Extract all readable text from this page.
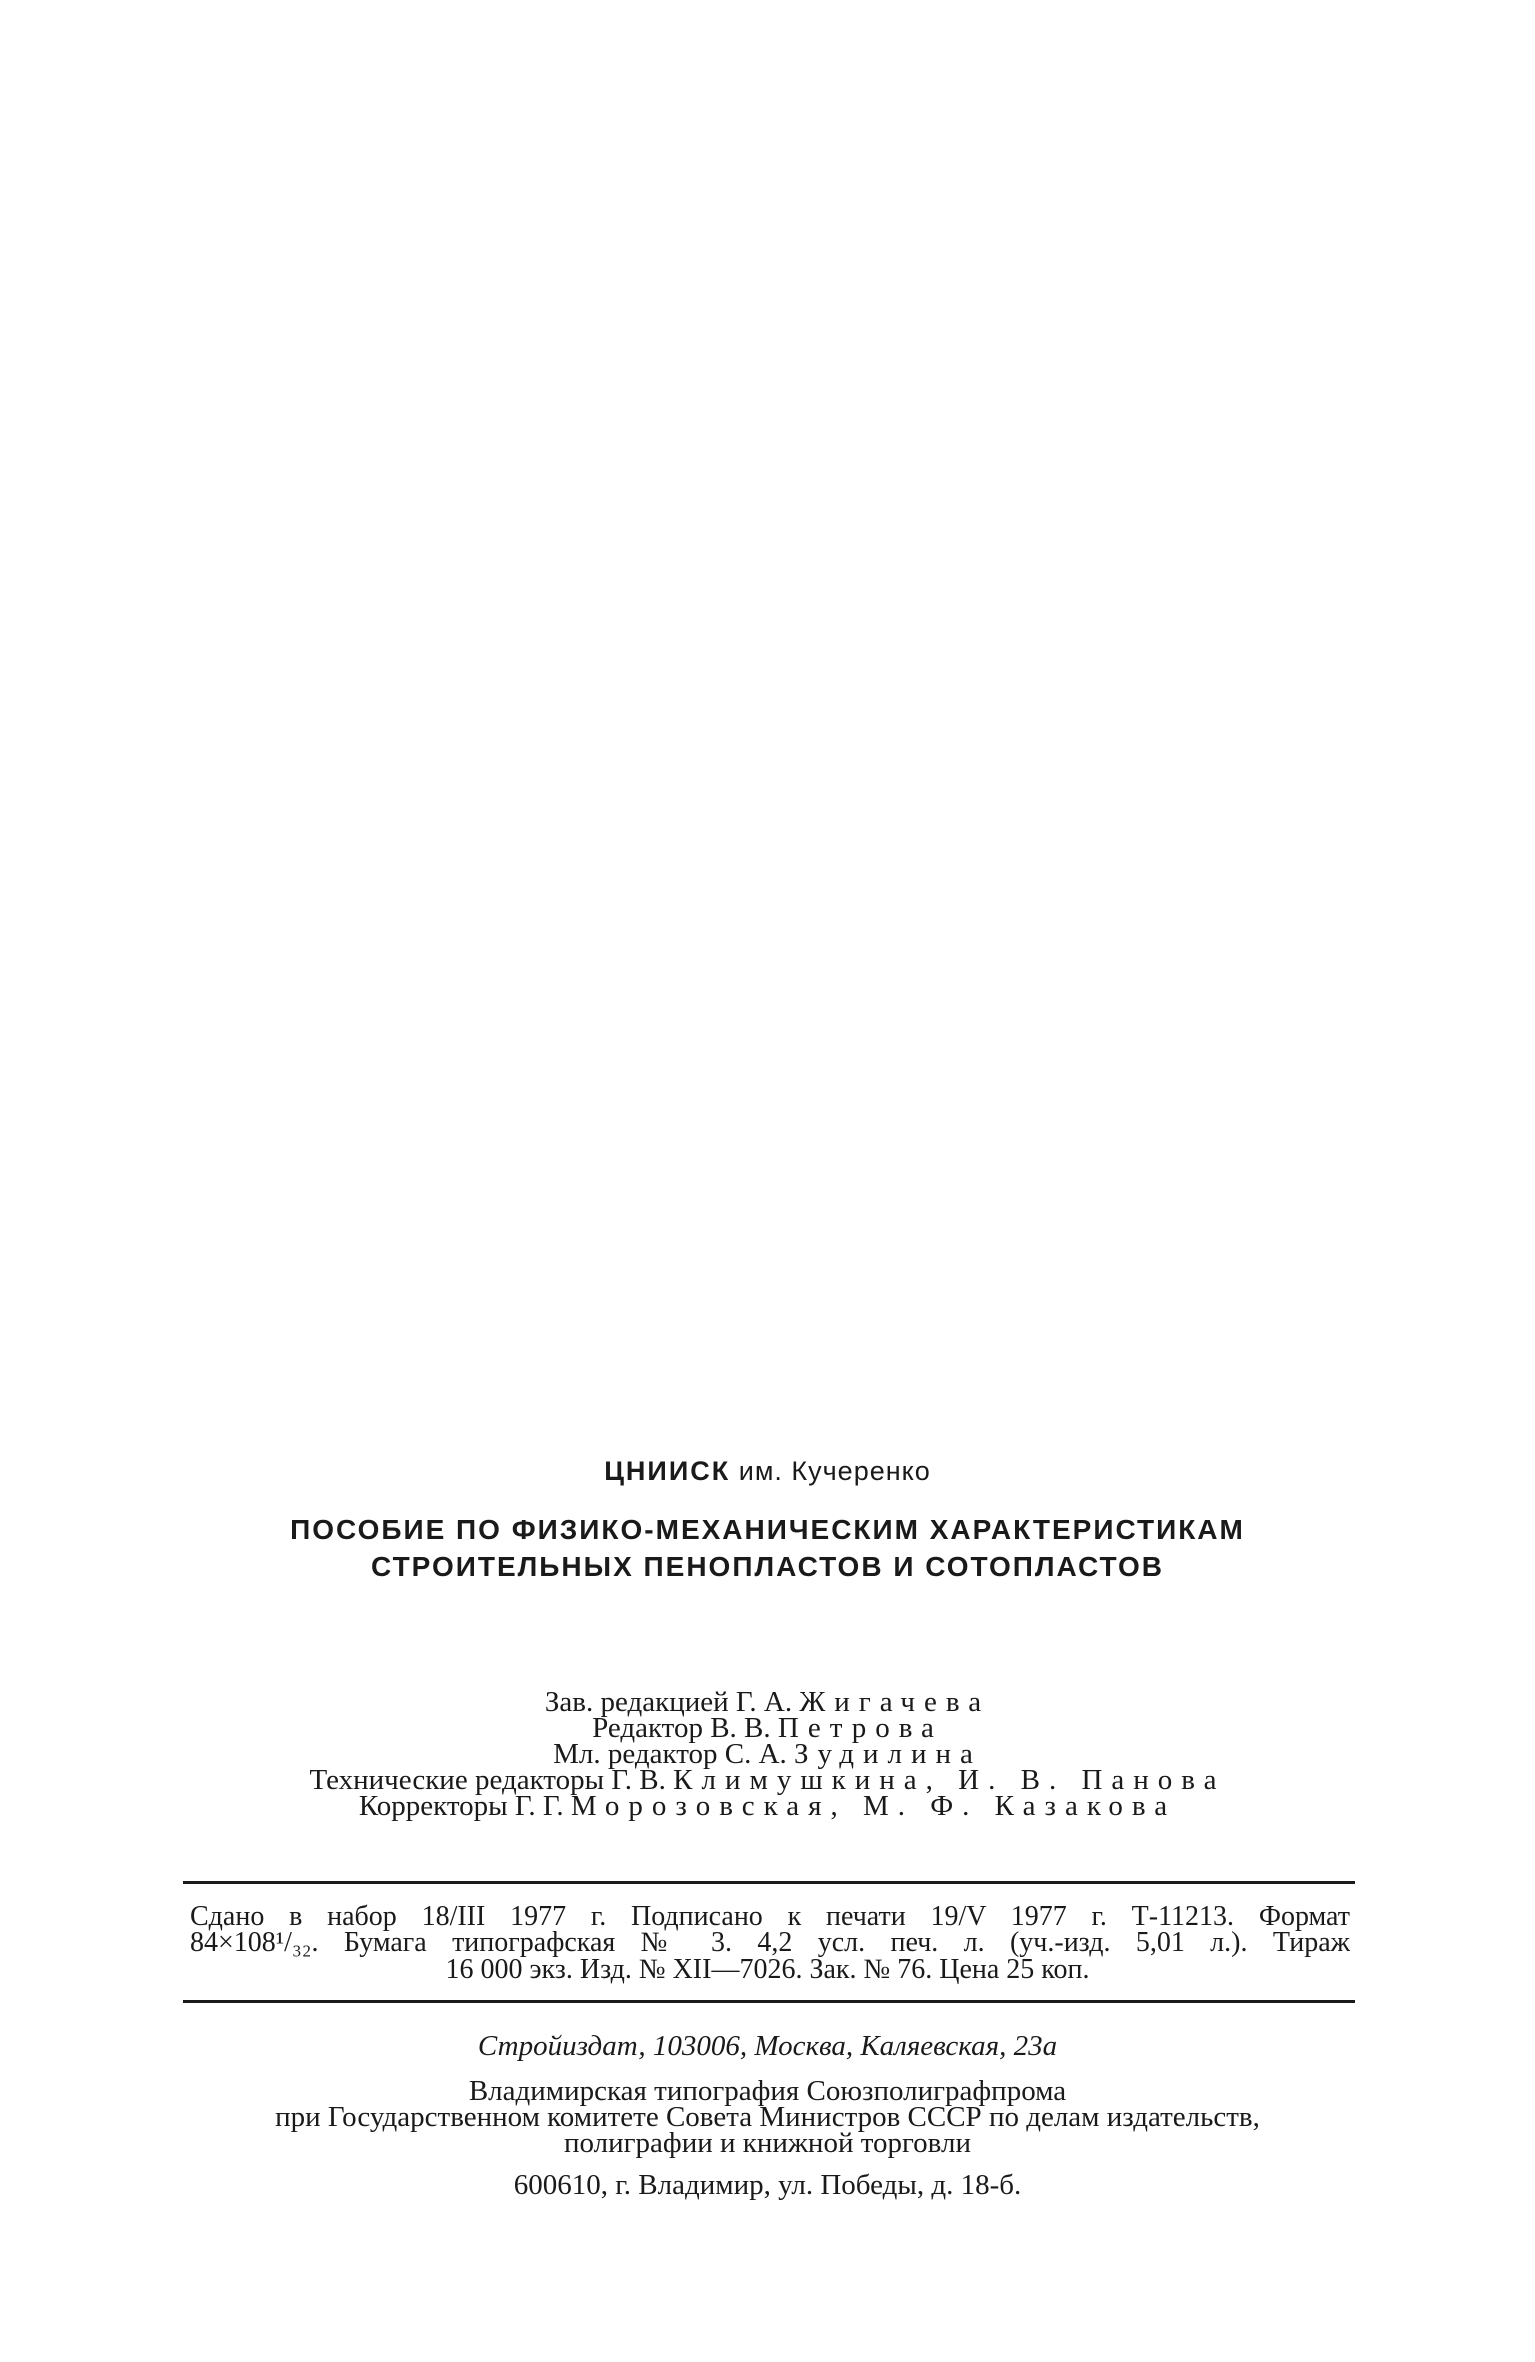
ЦНИИСК им. Кучеренко
ПОСОБИЕ ПО ФИЗИКО-МЕХАНИЧЕСКИМ ХАРАКТЕРИСТИКАМ
СТРОИТЕЛЬНЫХ ПЕНОПЛАСТОВ И СОТОПЛАСТОВ
Зав. редакцией Г. А. Жигачева
Редактор В. В. Петрова
Мл. редактор С. А. Зудилина
Технические редакторы Г. В. Климушкина, И. В. Панова
Корректоры Г. Г. Морозовская, М. Ф. Казакова
Сдано в набор 18/III 1977 г. Подписано к печати 19/V 1977 г. Т-11213. Формат
84×108¹/₃₂. Бумага типографская № 3. 4,2 усл. печ. л. (уч.-изд. 5,01 л.). Тираж
16 000 экз. Изд. № XII—7026. Зак. № 76. Цена 25 коп.
Стройиздат, 103006, Москва, Каляевская, 23а
Владимирская типография Союзполиграфпрома
при Государственном комитете Совета Министров СССР по делам издательств,
полиграфии и книжной торговли
600610, г. Владимир, ул. Победы, д. 18-б.
